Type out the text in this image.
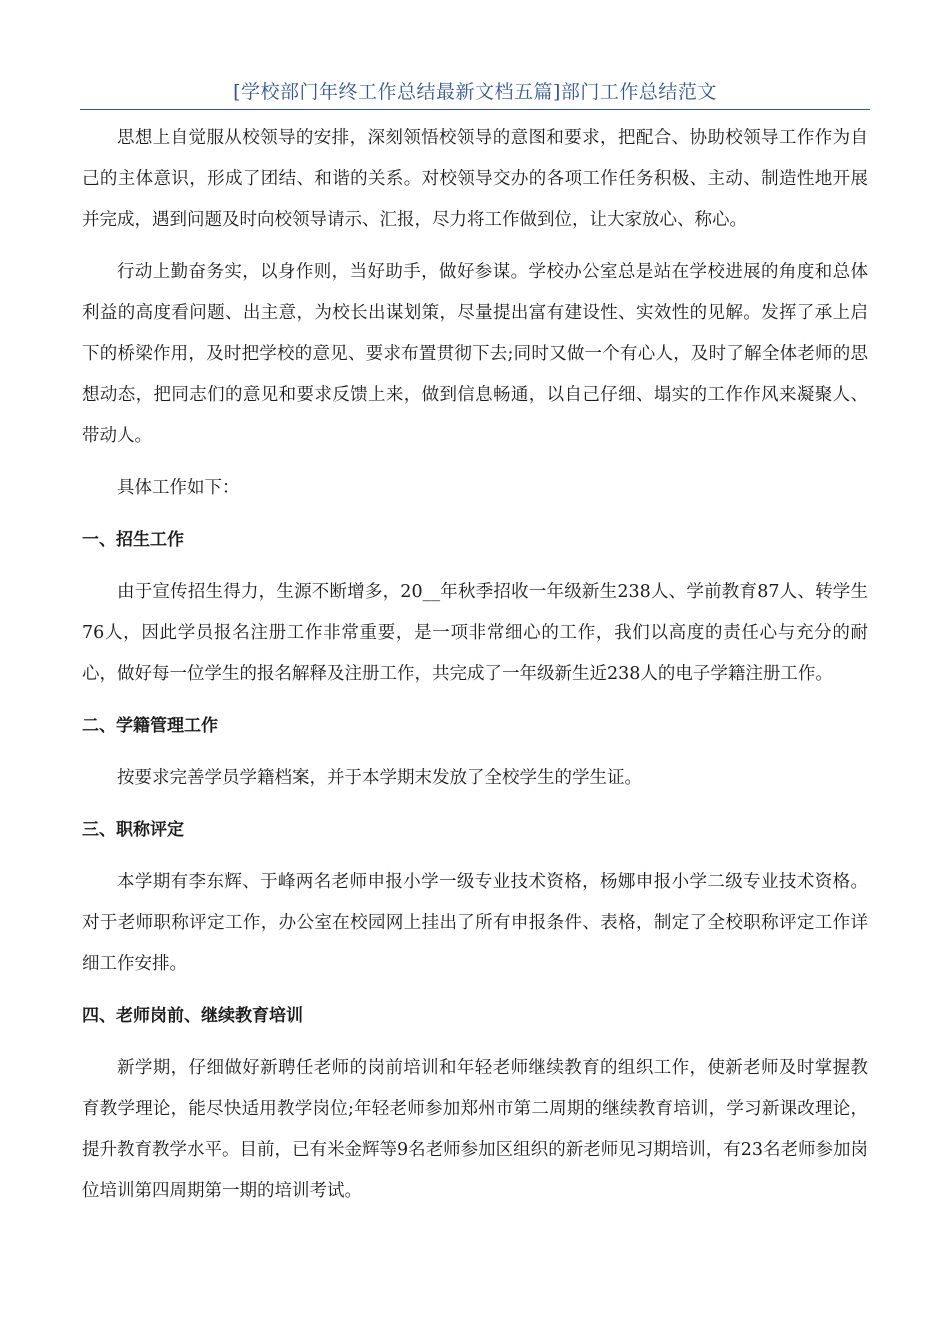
[学校部门年终工作总结最新文档五篇]部门工作总结范文

思想上自觉服从校领导的安排，深刻领悟校领导的意图和要求，把配合、协助校领导工作作为自己的主体意识，形成了团结、和谐的关系。对校领导交办的各项工作任务积极、主动、制造性地开展并完成，遇到问题及时向校领导请示、汇报，尽力将工作做到位，让大家放心、称心。

行动上勤奋务实，以身作则，当好助手，做好参谋。学校办公室总是站在学校进展的角度和总体利益的高度看问题、出主意，为校长出谋划策，尽量提出富有建设性、实效性的见解。发挥了承上启下的桥梁作用，及时把学校的意见、要求布置贯彻下去;同时又做一个有心人，及时了解全体老师的思想动态，把同志们的意见和要求反馈上来，做到信息畅通，以自己仔细、塌实的工作作风来凝聚人、带动人。

具体工作如下：

一、招生工作

由于宣传招生得力，生源不断增多，20__年秋季招收一年级新生238人、学前教育87人、转学生76人，因此学员报名注册工作非常重要，是一项非常细心的工作，我们以高度的责任心与充分的耐心，做好每一位学生的报名解释及注册工作，共完成了一年级新生近238人的电子学籍注册工作。

二、学籍管理工作

按要求完善学员学籍档案，并于本学期末发放了全校学生的学生证。

三、职称评定

本学期有李东辉、于峰两名老师申报小学一级专业技术资格，杨娜申报小学二级专业技术资格。对于老师职称评定工作，办公室在校园网上挂出了所有申报条件、表格，制定了全校职称评定工作详细工作安排。

四、老师岗前、继续教育培训

新学期，仔细做好新聘任老师的岗前培训和年轻老师继续教育的组织工作，使新老师及时掌握教育教学理论，能尽快适用教学岗位;年轻老师参加郑州市第二周期的继续教育培训，学习新课改理论，提升教育教学水平。目前，已有米金辉等9名老师参加区组织的新老师见习期培训，有23名老师参加岗位培训第四周期第一期的培训考试。
